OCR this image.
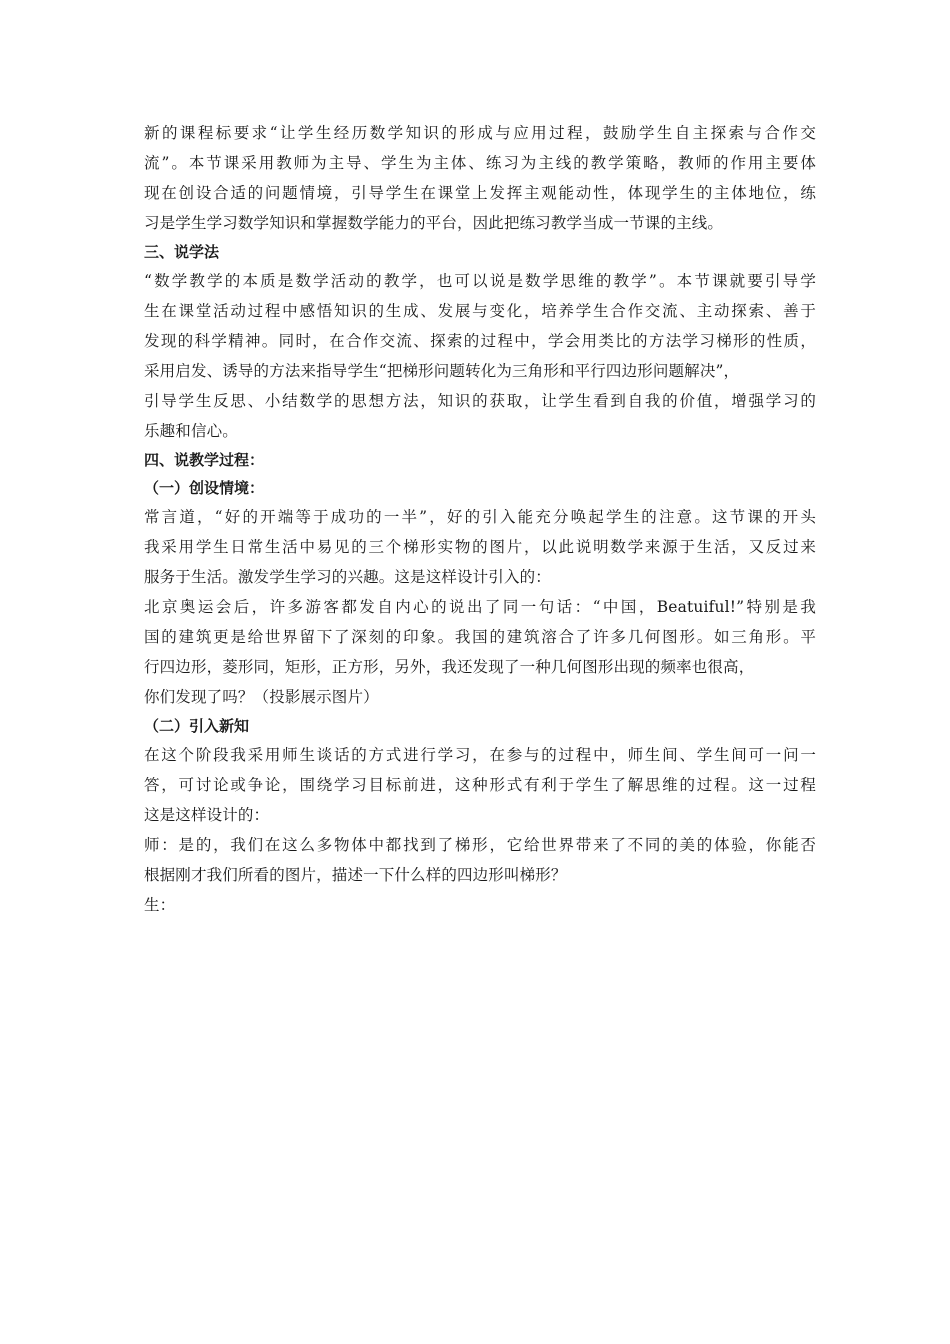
新的课程标要求“让学生经历数学知识的形成与应用过程，鼓励学生自主探索与合作交
流”。本节课采用教师为主导、学生为主体、练习为主线的教学策略，教师的作用主要体
现在创设合适的问题情境，引导学生在课堂上发挥主观能动性，体现学生的主体地位，练
习是学生学习数学知识和掌握数学能力的平台，因此把练习教学当成一节课的主线。
三、说学法
“数学教学的本质是数学活动的教学，也可以说是数学思维的教学”。本节课就要引导学
生在课堂活动过程中感悟知识的生成、发展与变化，培养学生合作交流、主动探索、善于
发现的科学精神。同时，在合作交流、探索的过程中，学会用类比的方法学习梯形的性质，
采用启发、诱导的方法来指导学生“把梯形问题转化为三角形和平行四边形问题解决”，
引导学生反思、小结数学的思想方法，知识的获取，让学生看到自我的价值，增强学习的
乐趣和信心。
四、说教学过程：
（一）创设情境：
常言道，“好的开端等于成功的一半”，好的引入能充分唤起学生的注意。这节课的开头
我采用学生日常生活中易见的三个梯形实物的图片，以此说明数学来源于生活，又反过来
服务于生活。激发学生学习的兴趣。这是这样设计引入的：
北京奥运会后，许多游客都发自内心的说出了同一句话：“中国，Beatuiful!”特别是我
国的建筑更是给世界留下了深刻的印象。我国的建筑溶合了许多几何图形。如三角形。平
行四边形，菱形同，矩形，正方形，另外，我还发现了一种几何图形出现的频率也很高，
你们发现了吗？（投影展示图片）
（二）引入新知
在这个阶段我采用师生谈话的方式进行学习，在参与的过程中，师生间、学生间可一问一
答，可讨论或争论，围绕学习目标前进，这种形式有利于学生了解思维的过程。这一过程
这是这样设计的：
师：是的，我们在这么多物体中都找到了梯形，它给世界带来了不同的美的体验，你能否
根据刚才我们所看的图片，描述一下什么样的四边形叫梯形？
生：
